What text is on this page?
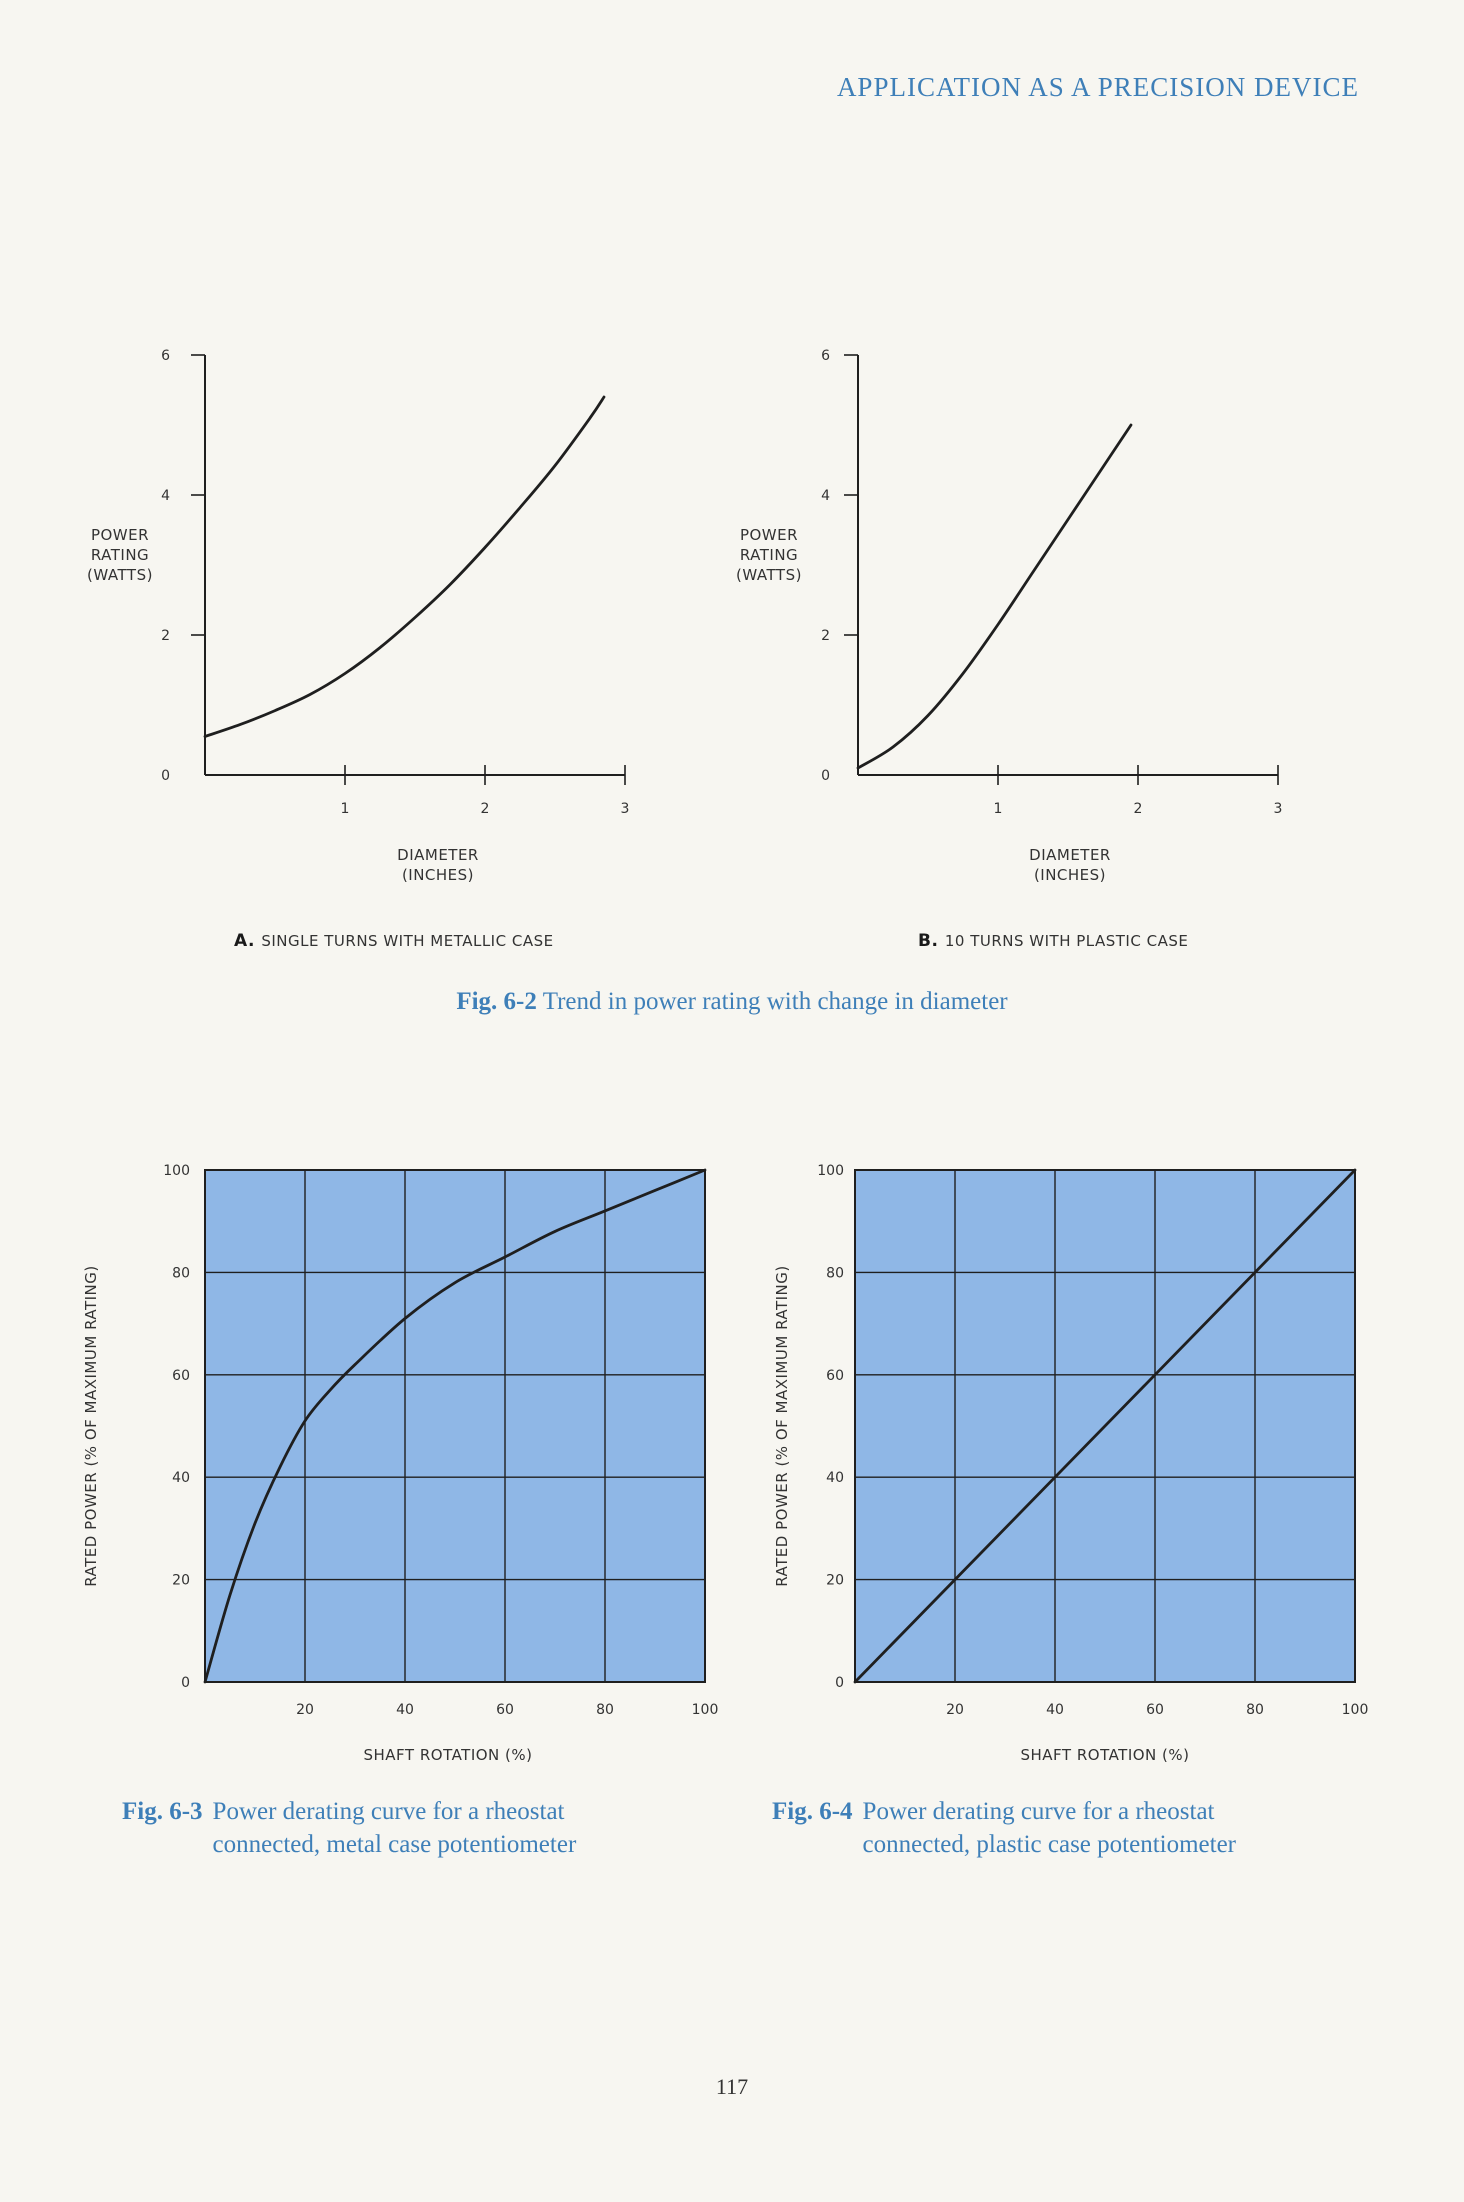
APPLICATION AS A PRECISION DEVICE
0
2
4
6
1	2	3
POWER
RATING
(WATTS)
DIAMETER
(INCHES)
A. SINGLE TURNS WITH METALLIC CASE
0
2
4
6
1	2	3
POWER
RATING
(WATTS)
DIAMETER
(INCHES)
B. 10 TURNS WITH PLASTIC CASE
0
20
40
60
80
100
20	40	60	80	100
RATED POWER (% OF MAXIMUM RATING)
SHAFT ROTATION (%)
0
20
40
60
80
100
20	40	60	80	100
RATED POWER (% OF MAXIMUM RATING)
SHAFT ROTATION (%)
Fig. 6-2 Trend in power rating with change in diameter
Fig. 6-3 Power derating curve for a rheostat
connected, metal case potentiometer
Fig. 6-4 Power derating curve for a rheostat
connected, plastic case potentiometer
117
